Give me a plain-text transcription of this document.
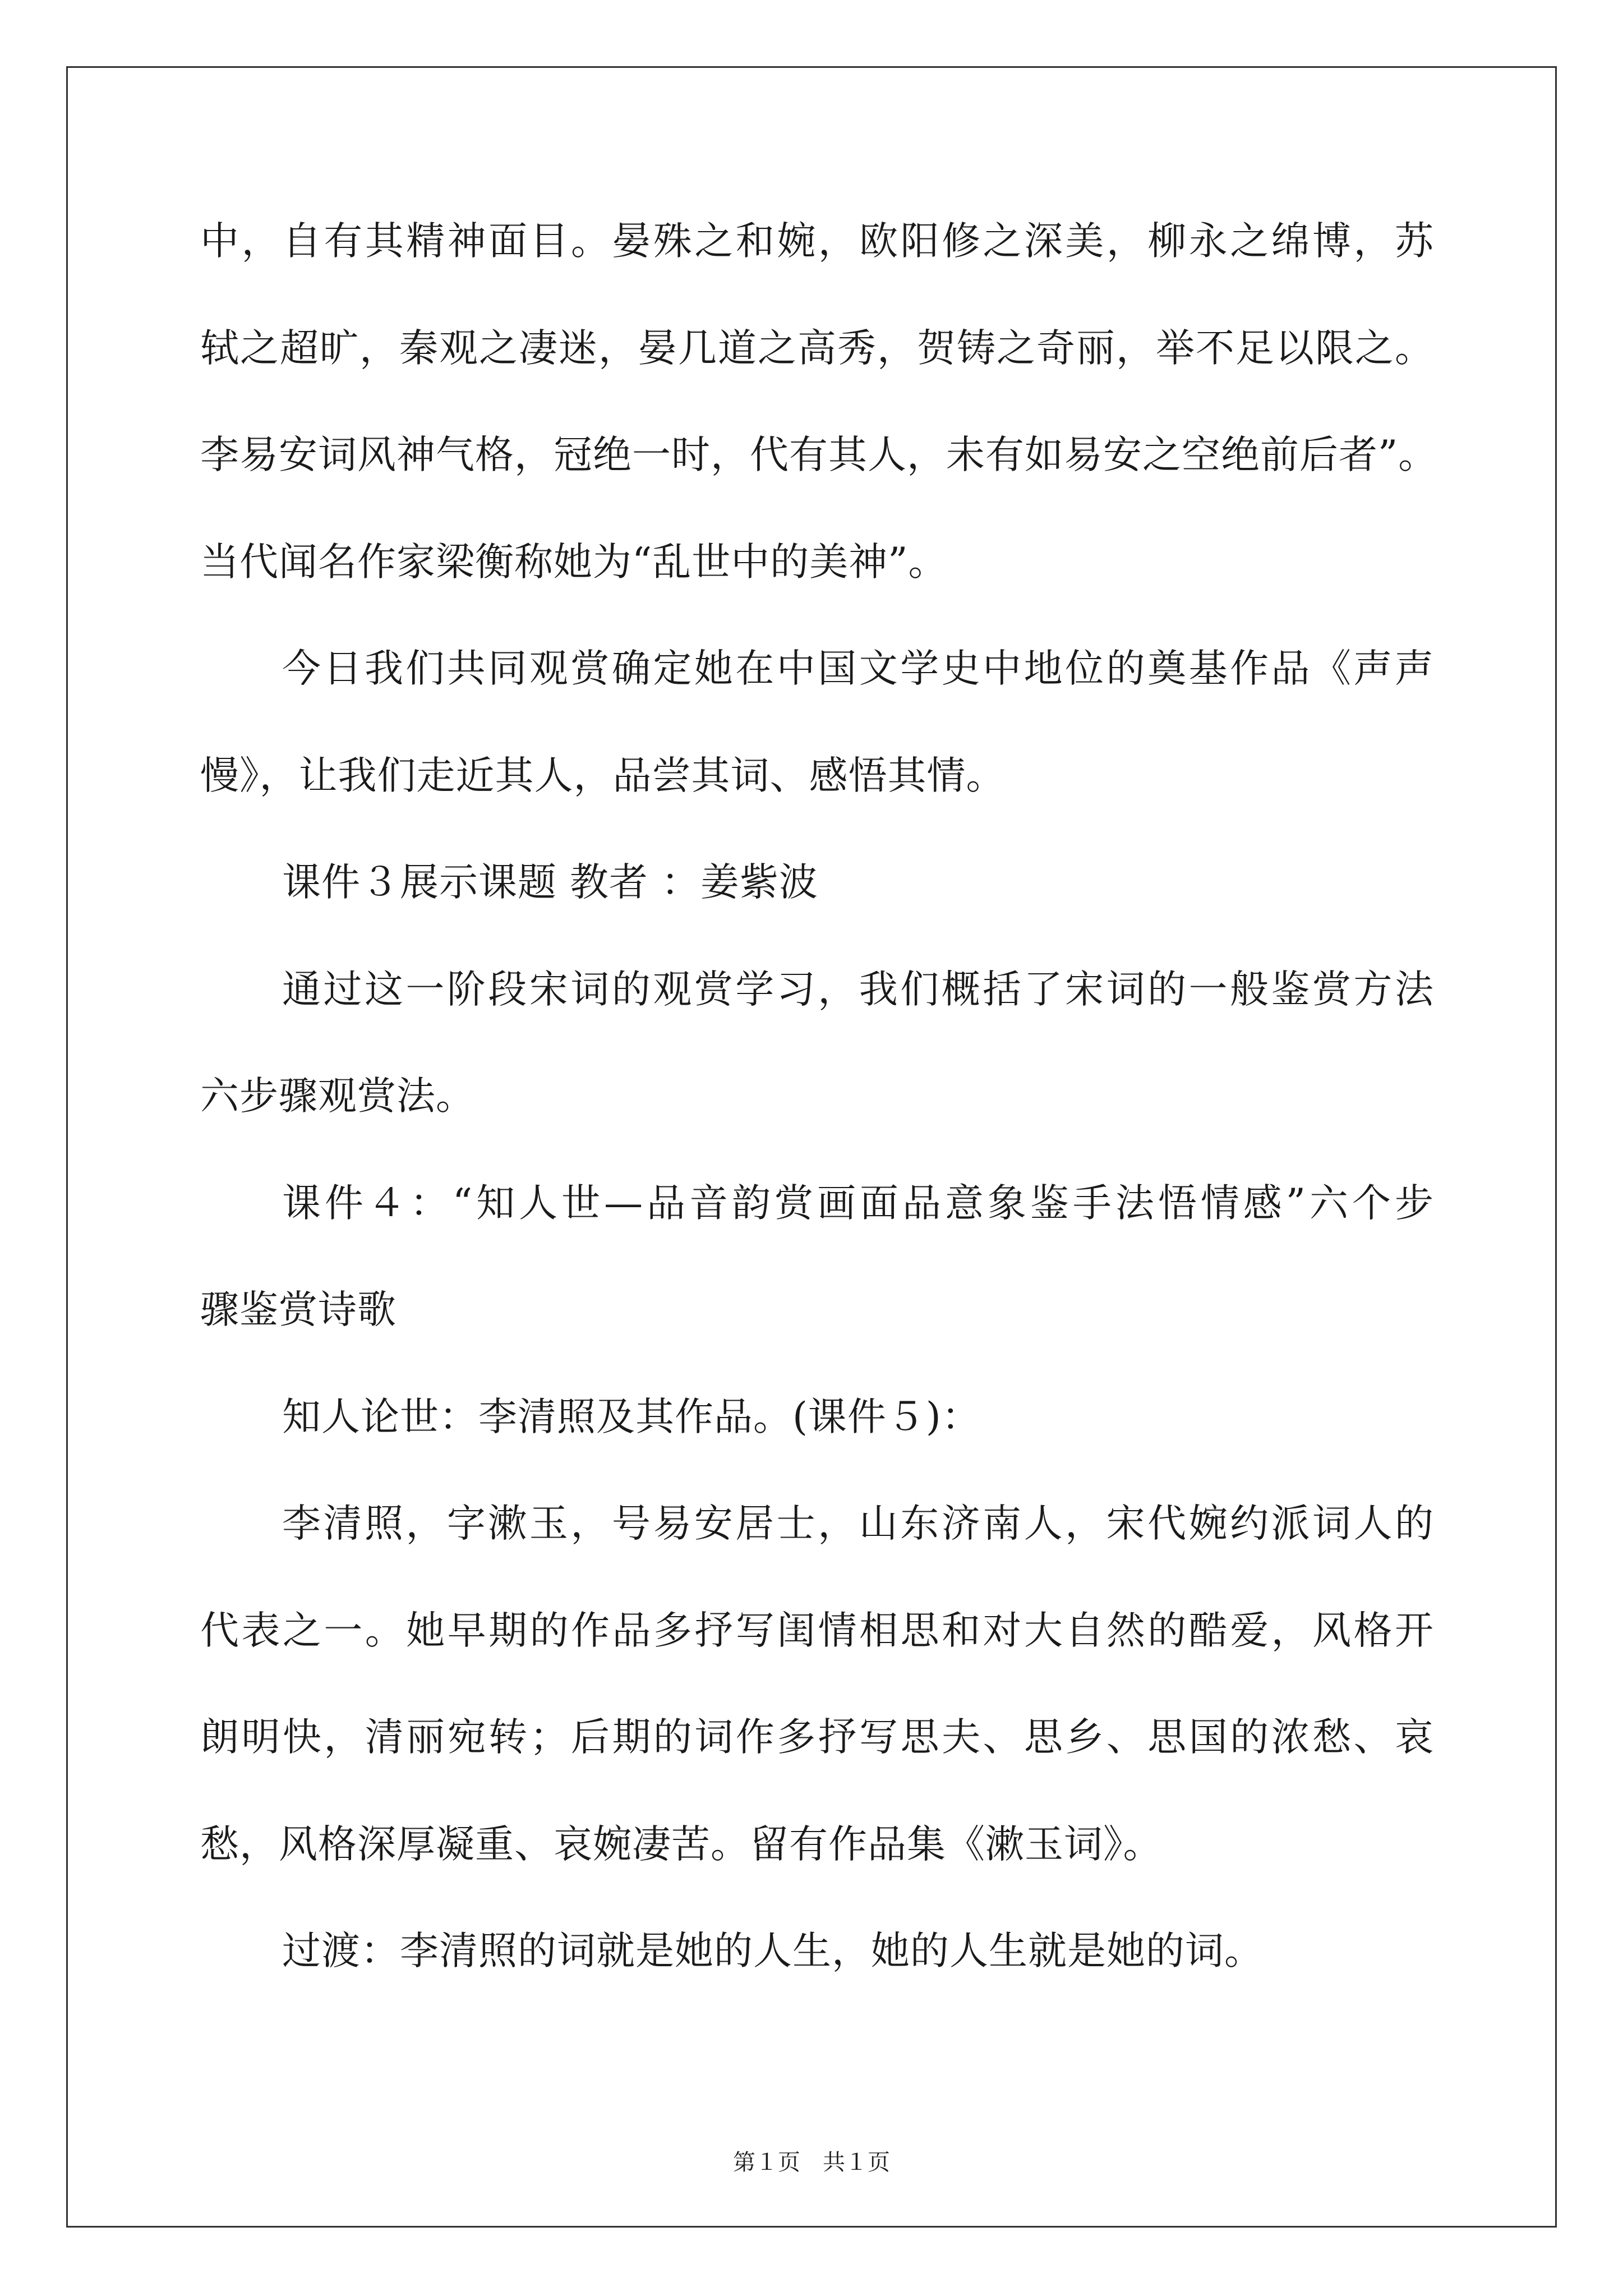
中，自有其精神面目。晏殊之和婉，欧阳修之深美，柳永之绵博，苏
轼之超旷，秦观之凄迷，晏几道之高秀，贺铸之奇丽，举不足以限之。
李易安词风神气格，冠绝一时，代有其人，未有如易安之空绝前后者”。
当代闻名作家梁衡称她为“乱世中的美神”。
今日我们共同观赏确定她在中国文学史中地位的奠基作品《声声
慢》，让我们走近其人，品尝其词、感悟其情。
课件３展示课题 教者 ：姜紫波
通过这一阶段宋词的观赏学习，我们概括了宋词的一般鉴赏方法
六步骤观赏法。
课件４：“知人世—品音韵赏画面品意象鉴手法悟情感”六个步
骤鉴赏诗歌
知人论世：李清照及其作品。(课件５)：
李清照，字漱玉，号易安居士，山东济南人，宋代婉约派词人的
代表之一。她早期的作品多抒写闺情相思和对大自然的酷爱，风格开
朗明快，清丽宛转；后期的词作多抒写思夫、思乡、思国的浓愁、哀
愁，风格深厚凝重、哀婉凄苦。留有作品集《漱玉词》。
过渡：李清照的词就是她的人生，她的人生就是她的词。
第１页　共１页
